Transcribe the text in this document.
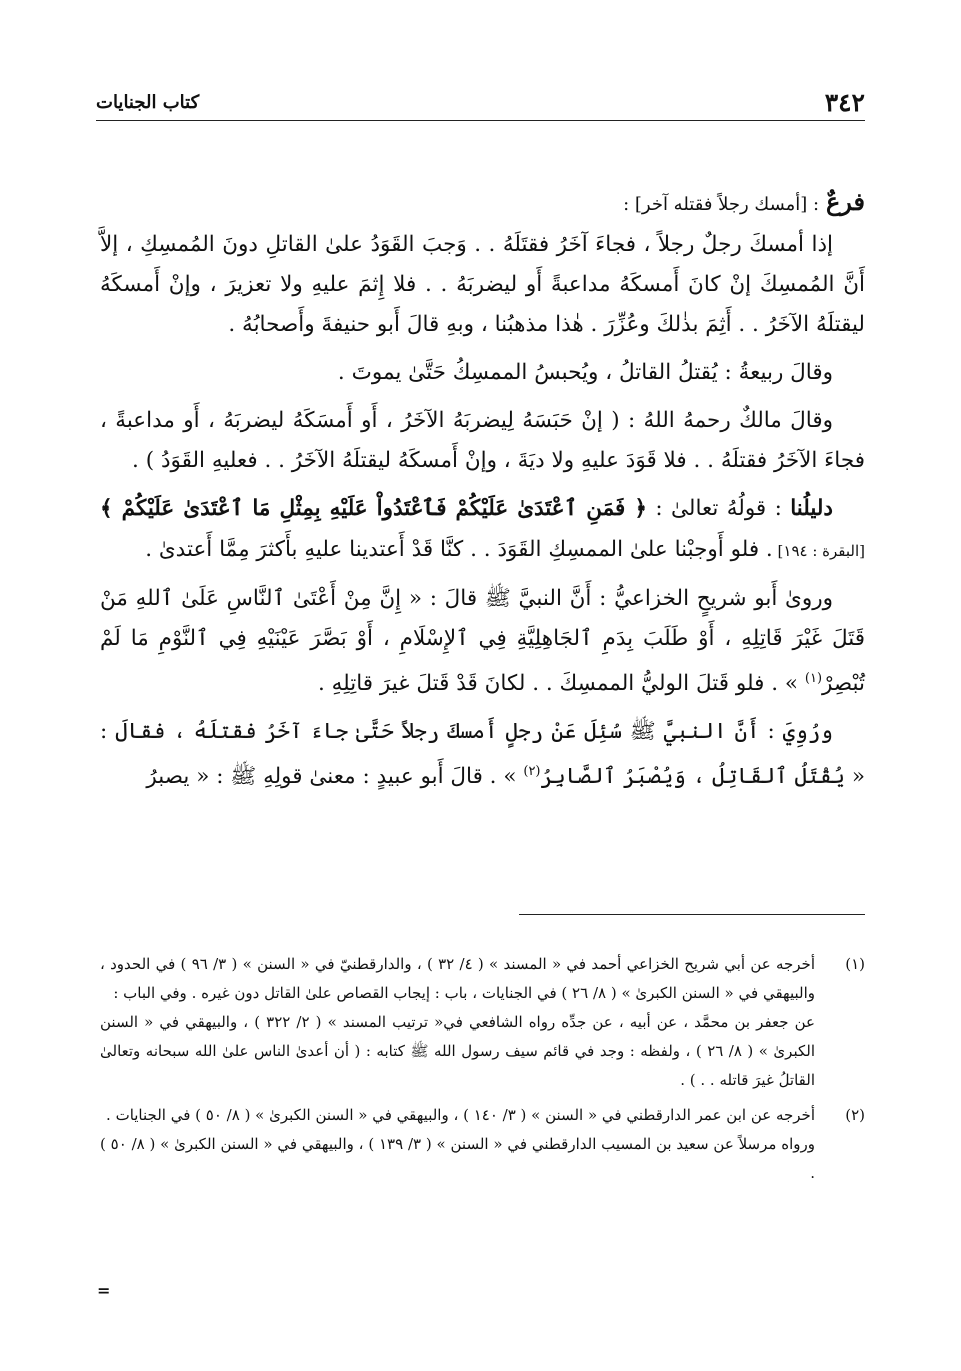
٣٤٢
كتاب الجنايات

فرعٌ : [أمسك رجلاً فقتله آخر] :

إذا أمسكَ رجلٌ رجلاً ، فجاءَ آخَرُ فقتَلَهُ . . وَجبَ القَوَدُ علىٰ القاتلِ دونَ المُمسِكِ ، إلاَّ أَنَّ المُمسِكَ إنْ كانَ أَمسكَهُ مداعبةً أَو ليضربَهُ . . فلا إِثمَ عليهِ ولا تعزيرَ ، وإنْ أَمسكَهُ ليقتلَهُ الآخَرُ . . أَثِمَ بذٰلكَ وعُزِّرَ . هٰذا مذهبُنا ، وبهِ قالَ أَبو حنيفةَ وأَصحابُهُ .

وقالَ ربيعةُ : يُقتلُ القاتلُ ، ويُحبسُ الممسِكُ حَتَّىٰ يموتَ .

وقالَ مالكٌ رحمهُ اللهُ : ( إنْ حَبَسَهُ لِيضربَهُ الآخَرُ ، أَو أَمسَكَهُ ليضربَهُ ، أَو مداعبةً ، فجاءَ الآخَرُ فقتلَهُ . . فلا قَوَدَ عليهِ ولا ديَةَ ، وإنْ أَمسكَهُ ليقتلَهُ الآخَرُ . . فعليهِ القَوَدُ ) .

دليلُنا : قولُهُ تعالىٰ : ﴿ فَمَنِ ٱعْتَدَىٰ عَلَيْكُمْ فَٱعْتَدُواْ عَلَيْهِ بِمِثْلِ مَا ٱعْتَدَىٰ عَلَيْكُمْ ﴾ [البقرة : ١٩٤] . فلو أَوجبْنا علىٰ الممسِكِ القَوَدَ . . كنَّا قَدْ أَعتدينا عليهِ بأَكثرَ مِمَّا أَعتدىٰ .

وروىٰ أَبو شريحٍ الخزاعيُّ : أَنَّ النبيَّ ﷺ قالَ : « إِنَّ مِنْ أَعْتَىٰ ٱلنَّاسِ عَلَىٰ ٱللهِ مَنْ قَتَلَ غَيْرَ قَاتِلِهِ ، أَوْ طَلَبَ بِدَمِ ٱلجَاهِلِيَّةِ فِي ٱلإِسْلَامِ ، أَوْ بَصَّرَ عَيْنَيْهِ فِي ٱلنَّوْمِ مَا لَمْ تُبْصِرْ$^{(١)}$ » . فلو قَتلَ الوليُّ الممسِكَ . . لكانَ قَدْ قَتلَ غيرَ قاتِلِهِ .

ورُوِيَ : أَنَّ النبيَّ ﷺ سُئِلَ عَنْ رجلٍ أَمسكَ رجلاً حَتَّىٰ جاءَ آخَرُ فقتلَهُ ، فقالَ : « يُقْتَلُ ٱلقَاتِلُ ، وَيُصْبَرُ ٱلصَّابِرُ$^{(٢)}$ » . قالَ أَبو عبيدٍ : معنىٰ قولِهِ ﷺ : « يصبرُ

(١)

أخرجه عن أبي شريح الخزاعي أحمد في « المسند » ( ٤/ ٣٢ ) ، والدارقطنيّ في « السنن » ( ٣/ ٩٦ ) في الحدود ، والبيهقي في « السنن الكبرىٰ » ( ٨/ ٢٦ ) في الجنايات ، باب : إيجاب القصاص علىٰ القاتل دون غيره . وفي الباب :

عن جعفر بن محمَّد ، عن أبيه ، عن جدِّه رواه الشافعي في« ترتيب المسند » ( ٢/ ٣٢٢ ) ، والبيهقي في « السنن الكبرىٰ » ( ٨/ ٢٦ ) ، ولفظه : وجد في قائم سيف رسول الله ﷺ كتابه : ( أن أعدىٰ الناس علىٰ الله سبحانه وتعالىٰ القاتلُ غيرَ قاتله . . ) .

(٢)

أخرجه عن ابن عمر الدارقطني في « السنن » ( ٣/ ١٤٠ ) ، والبيهقي في « السنن الكبرىٰ » ( ٨/ ٥٠ ) في الجنايات .

ورواه مرسلاً عن سعيد بن المسيب الدارقطني في « السنن » ( ٣/ ١٣٩ ) ، والبيهقي في « السنن الكبرىٰ » ( ٨/ ٥٠ ) .

=
